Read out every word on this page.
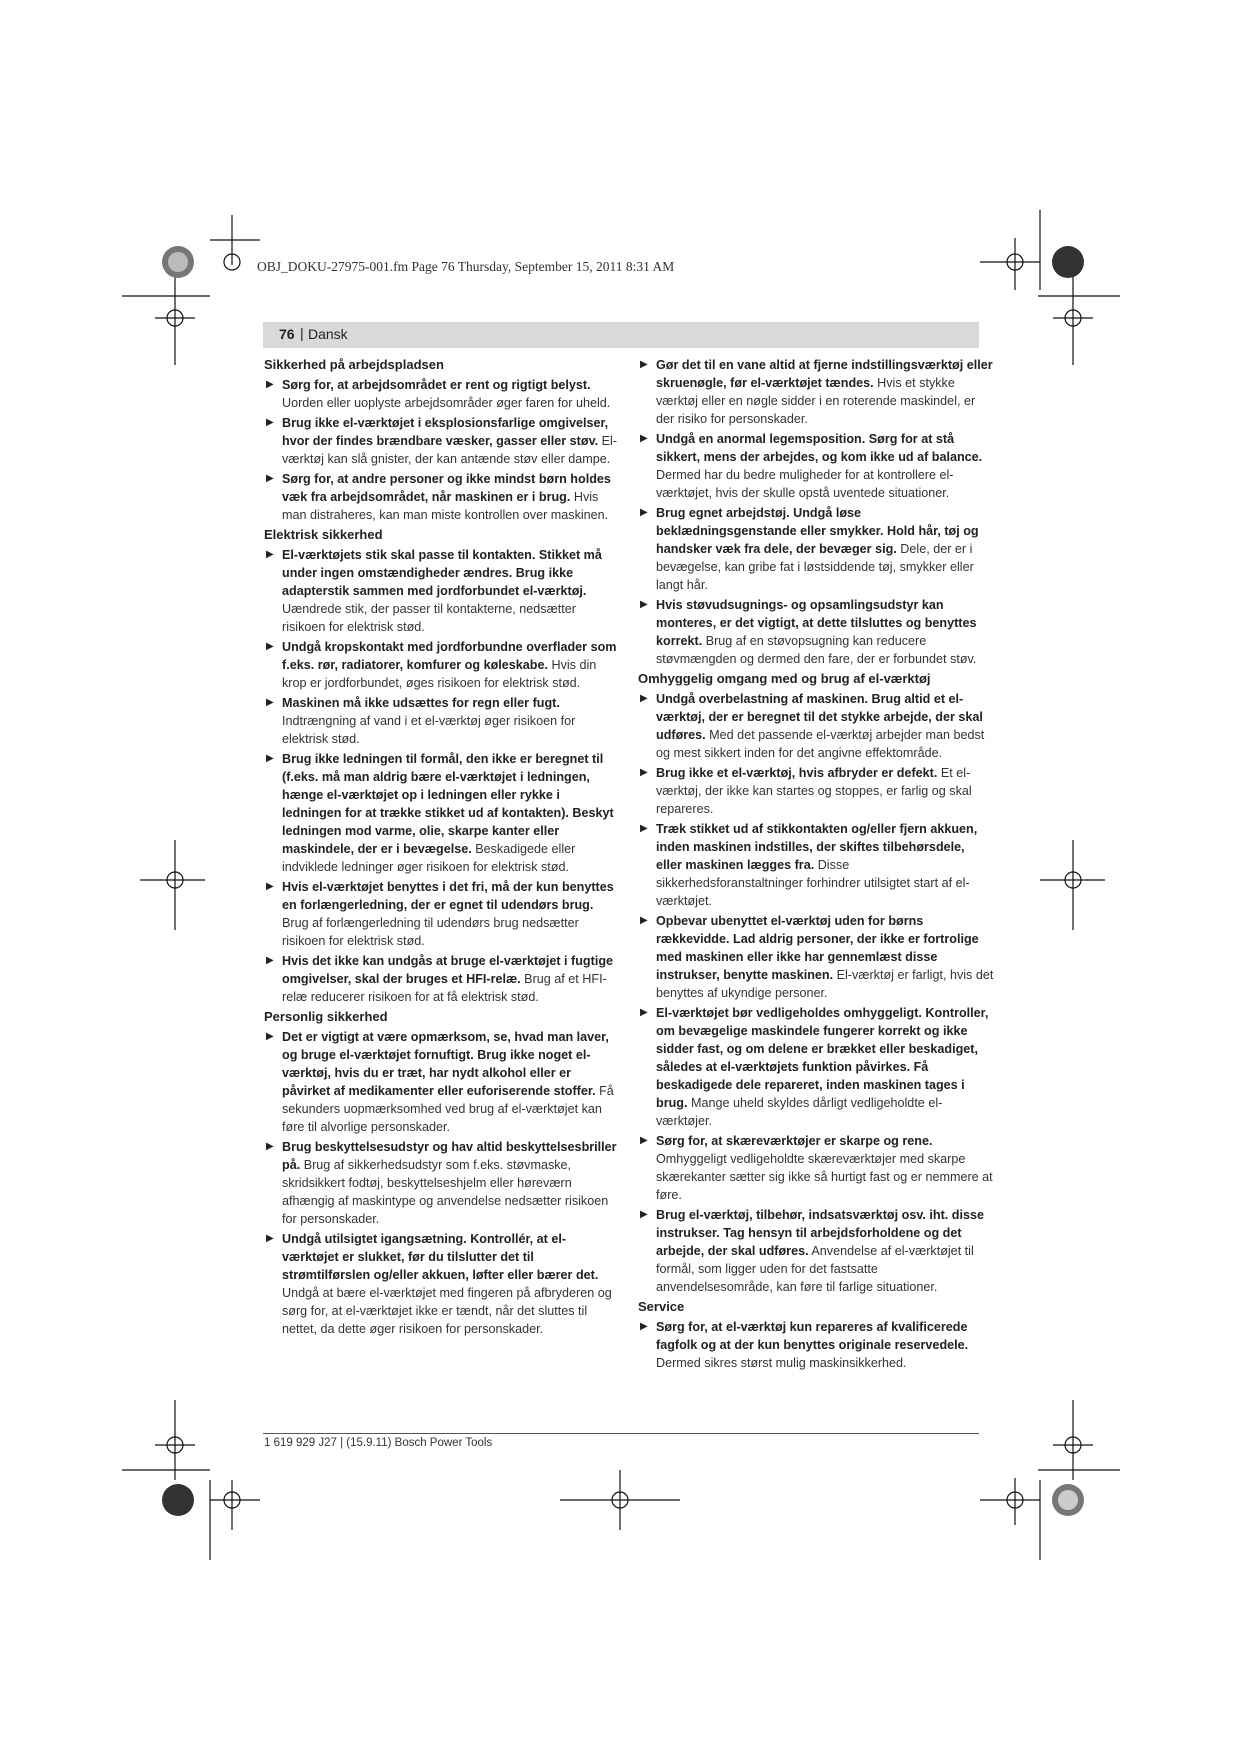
OBJ_DOKU-27975-001.fm Page 76 Thursday, September 15, 2011 8:31 AM
76 | Dansk
Sikkerhed på arbejdspladsen
▶ Sørg for, at arbejdsområdet er rent og rigtigt belyst. Uorden eller uoplyste arbejdsområder øger faren for uheld.
▶ Brug ikke el-værktøjet i eksplosionsfarlige omgivelser, hvor der findes brændbare væsker, gasser eller støv. El-værktøj kan slå gnister, der kan antænde støv eller dampe.
▶ Sørg for, at andre personer og ikke mindst børn holdes væk fra arbejdsområdet, når maskinen er i brug. Hvis man distraheres, kan man miste kontrollen over maskinen.
Elektrisk sikkerhed
▶ El-værktøjets stik skal passe til kontakten. Stikket må under ingen omstændigheder ændres. Brug ikke adapterstik sammen med jordforbundet el-værktøj. Uændrede stik, der passer til kontakterne, nedsætter risikoen for elektrisk stød.
▶ Undgå kropskontakt med jordforbundne overflader som f.eks. rør, radiatorer, komfurer og køleskabe. Hvis din krop er jordforbundet, øges risikoen for elektrisk stød.
▶ Maskinen må ikke udsættes for regn eller fugt. Indtrængning af vand i et el-værktøj øger risikoen for elektrisk stød.
▶ Brug ikke ledningen til formål, den ikke er beregnet til (f.eks. må man aldrig bære el-værktøjet i ledningen, hænge el-værktøjet op i ledningen eller rykke i ledningen for at trække stikket ud af kontakten). Beskyt ledningen mod varme, olie, skarpe kanter eller maskindele, der er i bevægelse. Beskadigede eller indviklede ledninger øger risikoen for elektrisk stød.
▶ Hvis el-værktøjet benyttes i det fri, må der kun benyttes en forlængerledning, der er egnet til udendørs brug. Brug af forlængerledning til udendørs brug nedsætter risikoen for elektrisk stød.
▶ Hvis det ikke kan undgås at bruge el-værktøjet i fugtige omgivelser, skal der bruges et HFI-relæ. Brug af et HFI-relæ reducerer risikoen for at få elektrisk stød.
Personlig sikkerhed
▶ Det er vigtigt at være opmærksom, se, hvad man laver, og bruge el-værktøjet fornuftigt. Brug ikke noget el-værktøj, hvis du er træt, har nydt alkohol eller er påvirket af medikamenter eller euforiserende stoffer. Få sekunders uopmærksomhed ved brug af el-værktøjet kan føre til alvorlige personskader.
▶ Brug beskyttelsesudstyr og hav altid beskyttelsesbriller på. Brug af sikkerhedsudstyr som f.eks. støvmaske, skridsikkert fodtøj, beskyttelseshjelm eller høreværn afhængig af maskintype og anvendelse nedsætter risikoen for personskader.
▶ Undgå utilsigtet igangsætning. Kontrollér, at el-værktøjet er slukket, før du tilslutter det til strømtilførslen og/eller akkuen, løfter eller bærer det. Undgå at bære el-værktøjet med fingeren på afbryderen og sørg for, at el-værktøjet ikke er tændt, når det sluttes til nettet, da dette øger risikoen for personskader.
▶ Gør det til en vane altid at fjerne indstillingsværktøj eller skruenøgle, før el-værktøjet tændes. Hvis et stykke værktøj eller en nøgle sidder i en roterende maskindel, er der risiko for personskader.
▶ Undgå en anormal legemsposition. Sørg for at stå sikkert, mens der arbejdes, og kom ikke ud af balance. Dermed har du bedre muligheder for at kontrollere el-værktøjet, hvis der skulle opstå uventede situationer.
▶ Brug egnet arbejdstøj. Undgå løse beklædningsgenstande eller smykker. Hold hår, tøj og handsker væk fra dele, der bevæger sig. Dele, der er i bevægelse, kan gribe fat i løstsiddende tøj, smykker eller langt hår.
▶ Hvis støvudsugnings- og opsamlingsudstyr kan monteres, er det vigtigt, at dette tilsluttes og benyttes korrekt. Brug af en støvopsugning kan reducere støvmængden og dermed den fare, der er forbundet støv.
Omhyggelig omgang med og brug af el-værktøj
▶ Undgå overbelastning af maskinen. Brug altid et el-værktøj, der er beregnet til det stykke arbejde, der skal udføres. Med det passende el-værktøj arbejder man bedst og mest sikkert inden for det angivne effektområde.
▶ Brug ikke et el-værktøj, hvis afbryder er defekt. Et el-værktøj, der ikke kan startes og stoppes, er farlig og skal repareres.
▶ Træk stikket ud af stikkontakten og/eller fjern akkuen, inden maskinen indstilles, der skiftes tilbehørsdele, eller maskinen lægges fra. Disse sikkerhedsforanstaltninger forhindrer utilsigtet start af el-værktøjet.
▶ Opbevar ubenyttet el-værktøj uden for børns rækkevidde. Lad aldrig personer, der ikke er fortrolige med maskinen eller ikke har gennemlæst disse instrukser, benytte maskinen. El-værktøj er farligt, hvis det benyttes af ukyndige personer.
▶ El-værktøjet bør vedligeholdes omhyggeligt. Kontroller, om bevægelige maskindele fungerer korrekt og ikke sidder fast, og om delene er brækket eller beskadiget, således at el-værktøjets funktion påvirkes. Få beskadigede dele repareret, inden maskinen tages i brug. Mange uheld skyldes dårligt vedligeholdte el-værktøjer.
▶ Sørg for, at skæreværktøjer er skarpe og rene. Omhyggeligt vedligeholdte skæreværktøjer med skarpe skærekanter sætter sig ikke så hurtigt fast og er nemmere at føre.
▶ Brug el-værktøj, tilbehør, indsatsværktøj osv. iht. disse instrukser. Tag hensyn til arbejdsforholdene og det arbejde, der skal udføres. Anvendelse af el-værktøjet til formål, som ligger uden for det fastsatte anvendelsesområde, kan føre til farlige situationer.
Service
▶ Sørg for, at el-værktøj kun repareres af kvalificerede fagfolk og at der kun benyttes originale reservedele. Dermed sikres størst mulig maskinsikkerhed.
1 619 929 J27 | (15.9.11) Bosch Power Tools
